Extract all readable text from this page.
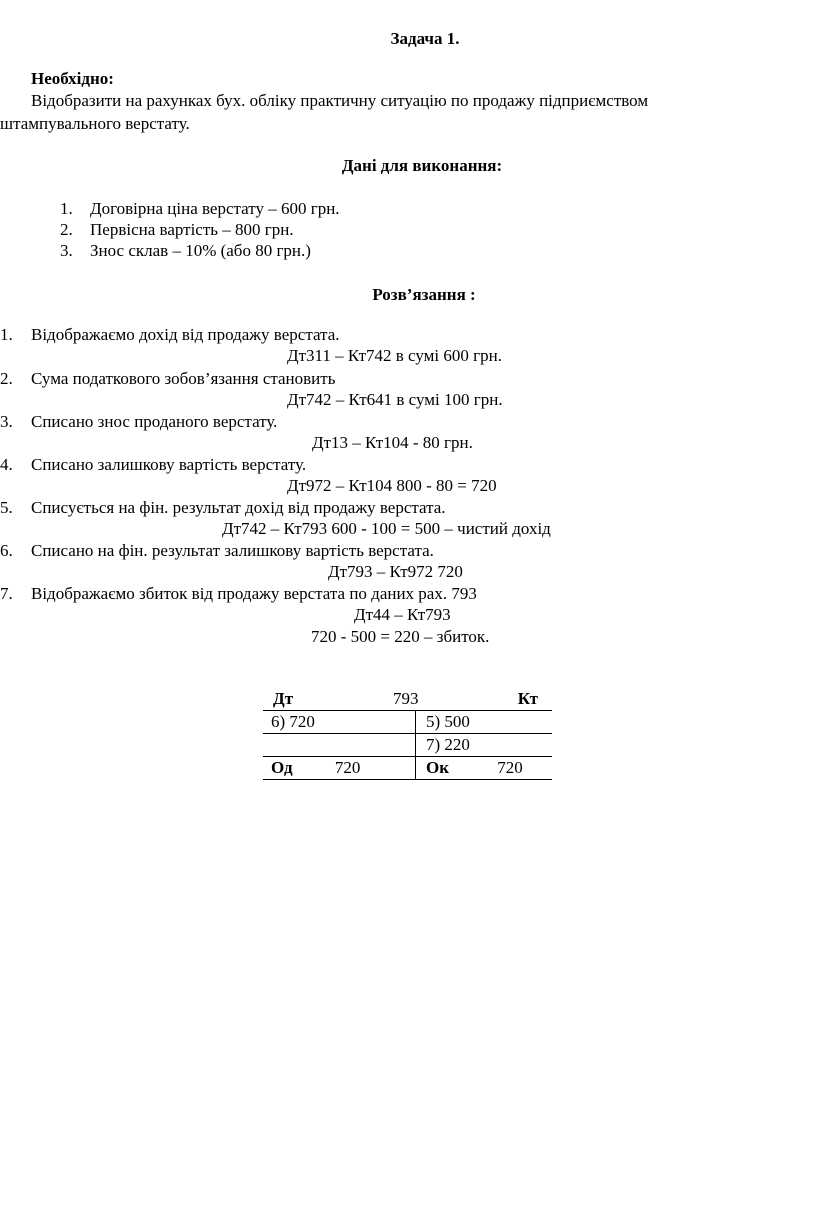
Задача 1.
Необхідно:
Відобразити на рахунках бух. обліку практичну ситуацію по продажу підприємством
штампувального верстату.
Дані для виконання:
1. Договірна ціна верстату – 600 грн.
2. Первісна вартість – 800 грн.
3. Знос склав – 10% (або 80 грн.)
Розв’язання :
1. Відображаємо дохід від продажу верстата.
Дт311 – Кт742 в сумі 600 грн.
2. Сума податкового зобов’язання становить
Дт742 – Кт641 в сумі 100 грн.
3. Списано знос проданого верстату.
Дт13 – Кт104 - 80 грн.
4. Списано залишкову вартість верстату.
Дт972 – Кт104 800 - 80 = 720
5. Списується на фін. результат дохід від продажу верстата.
Дт742 – Кт793 600 - 100 = 500 – чистий дохід
6. Списано на фін. результат залишкову вартість верстата.
Дт793 – Кт972 720
7. Відображаємо збиток від продажу верстата по даних рах. 793
Дт44 – Кт793
720 - 500 = 220 – збиток.
Дт 793 Кт	

6) 720	5) 500
	7) 220
Од 720	Ок 720
